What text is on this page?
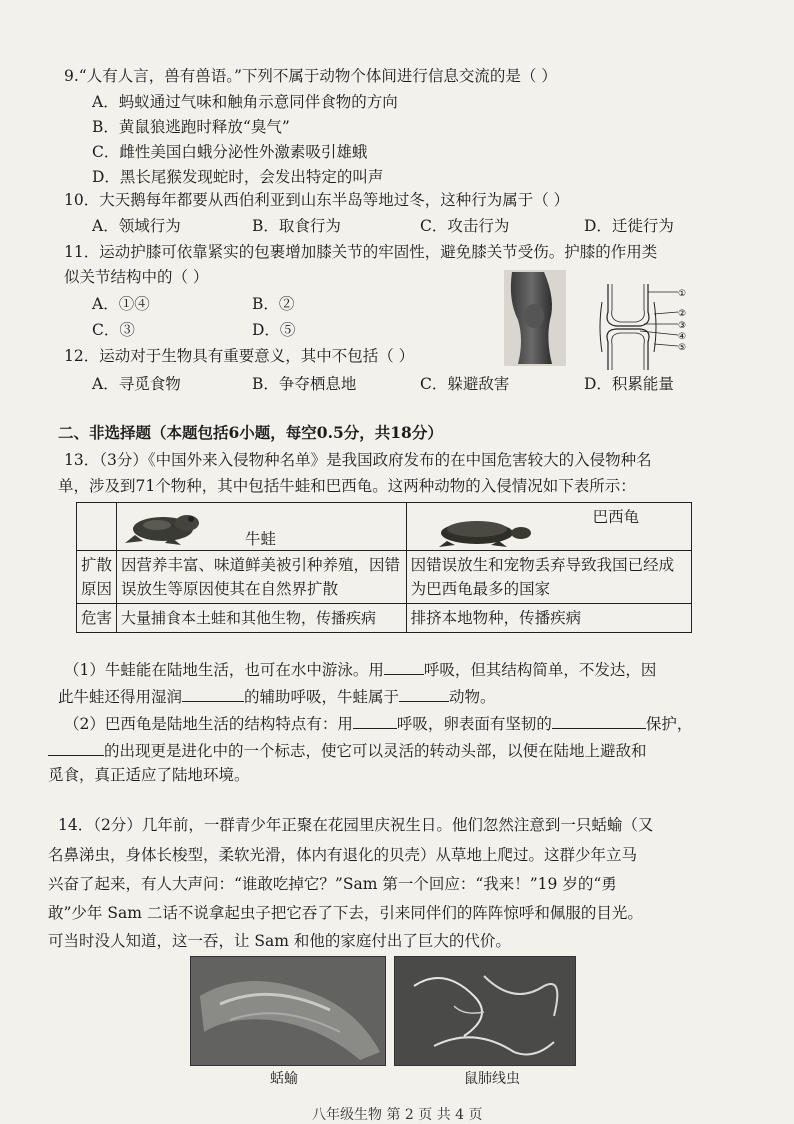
9.“人有人言，兽有兽语。”下列不属于动物个体间进行信息交流的是（ ）
A．蚂蚁通过气味和触角示意同伴食物的方向
B．黄鼠狼逃跑时释放“臭气”
C．雌性美国白蛾分泌性外激素吸引雄蛾
D．黑长尾猴发现蛇时，会发出特定的叫声
10．大天鹅每年都要从西伯利亚到山东半岛等地过冬，这种行为属于（ ）
A．领域行为	B．取食行为	C．攻击行为	D．迁徙行为
11．运动护膝可依靠紧实的包裹增加膝关节的牢固性，避免膝关节受伤。护膝的作用类
似关节结构中的（ ）
A．①④	B．②
C．③	D．⑤
①
②
③
④
⑤
12．运动对于生物具有重要意义，其中不包括（ ）
A．寻觅食物	B．争夺栖息地	C．躲避敌害	D．积累能量
二、非选择题（本题包括6小题，每空0.5分，共18分）
13．（3分）《中国外来入侵物种名单》是我国政府发布的在中国危害较大的入侵物种名
单，涉及到71个物种，其中包括牛蛙和巴西龟。这两种动物的入侵情况如下表所示：

	牛蛙	巴西龟

扩散原因	因营养丰富、味道鲜美被引种养殖，因错误放生等原因使其在自然界扩散	因错误放生和宠物丢弃导致我国已经成为巴西龟最多的国家
危害	大量捕食本土蛙和其他生物，传播疾病	排挤本地物种，传播疾病
（1）牛蛙能在陆地生活，也可在水中游泳。用	呼吸，但其结构简单，不发达，因
此牛蛙还得用湿润	的辅助呼吸，牛蛙属于	动物。
（2）巴西龟是陆地生活的结构特点有：用	呼吸，卵表面有坚韧的	保护，
的出现更是进化中的一个标志，使它可以灵活的转动头部，以便在陆地上避敌和
觅食，真正适应了陆地环境。
14．（2分）几年前，一群青少年正聚在花园里庆祝生日。他们忽然注意到一只蛞蝓（又
名鼻涕虫，身体长梭型，柔软光滑，体内有退化的贝壳）从草地上爬过。这群少年立马
兴奋了起来，有人大声问：“谁敢吃掉它？”Sam 第一个回应：“我来！”19 岁的“勇
敢”少年 Sam 二话不说拿起虫子把它吞了下去，引来同伴们的阵阵惊呼和佩服的目光。
可当时没人知道，这一吞，让 Sam 和他的家庭付出了巨大的代价。
蛞蝓	鼠肺线虫
八年级生物 第 2 页 共 4 页
